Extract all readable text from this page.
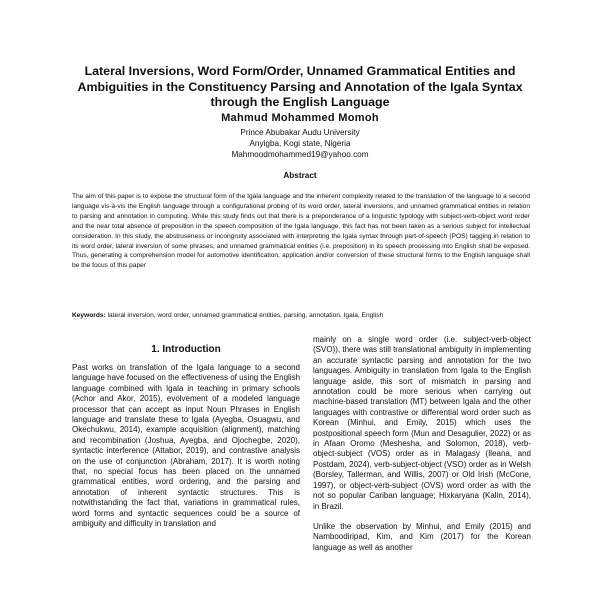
Lateral Inversions, Word Form/Order, Unnamed Grammatical Entities and Ambiguities in the Constituency Parsing and Annotation of the Igala Syntax through the English Language
Mahmud Mohammed Momoh
Prince Abubakar Audu University
Anyigba, Kogi state, Nigeria
Mahmoodmohammed19@yahoo.com
Abstract

The aim of this paper is to expose the structural form of the Igala language and the inherent complexity related to the translation of the language to a second language vis-à-vis the English language through a configurational probing of its word order, lateral inversions, and unnamed grammatical entities in relation to parsing and annotation in computing. While this study finds out that there is a preponderance of a linguistic typology with subject-verb-object word order and the near total absence of preposition in the speech composition of the Igala language, this fact has not been taken as a serious subject for intellectual consideration. In this study, the abstruseness or incongruity associated with interpreting the Igala syntax through part-of-speech (POS) tagging in relation to its word order, lateral inversion of some phrases, and unnamed grammatical entities (i.e. preposition) in its speech processing into English shall be exposed. Thus, generating a comprehension model for automotive identification, application and/or conversion of these structural forms to the English language shall be the focus of this paper

Keywords: lateral inversion, word order, unnamed grammatical entities, parsing, annotation, Igala, English

1. Introduction

Past works on translation of the Igala language to a second language have focused on the effectiveness of using the English language combined with Igala in teaching in primary schools (Achor and Akor, 2015), evolvement of a modeled language processor that can accept as input Noun Phrases in English language and translate these to Igala (Ayegba, Osuagwu, and Okechukwu, 2014), example acquisition (alignment), matching and recombination (Joshua, Ayegba, and Ojochegbe, 2020), syntactic interference (Attabor, 2019), and contrastive analysis on the use of conjunction (Abraham, 2017). It is worth noting that, no special focus has been placed on the unnamed grammatical entities, word ordering, and the parsing and annotation of inherent syntactic structures. This is notwithstanding the fact that, variations in grammatical rules, word forms and syntactic sequences could be a source of ambiguity and difficulty in translation and

mainly on a single word order (i.e. subject-verb-object (SVO)), there was still translational ambiguity in implementing an accurate syntactic parsing and annotation for the two languages. Ambiguity in translation from Igala to the English language aside, this sort of mismatch in parsing and annotation could be more serious when carrying out machine-based translation (MT) between Igala and the other languages with contrastive or differential word order such as Korean (Minhui, and Emily, 2015) which uses the postpositional speech form (Mun and Desagulier, 2022) or as in Afaan Oromo (Meshesha, and Solomon, 2018), verb-object-subject (VOS) order as in Malagasy (Ileana, and Postdam, 2024), verb-subject-object (VSO) order as in Welsh (Borsley, Tallerman, and Willis, 2007) or Old Irish (McCone, 1997), or object-verb-subject (OVS) word order as with the not so popular Cariban language; Hixkaryana (Kalin, 2014), in Brazil.

Unlike the observation by Minhui, and Emily (2015) and Namboodiripad, Kim, and Kim (2017) for the Korean language as well as another
